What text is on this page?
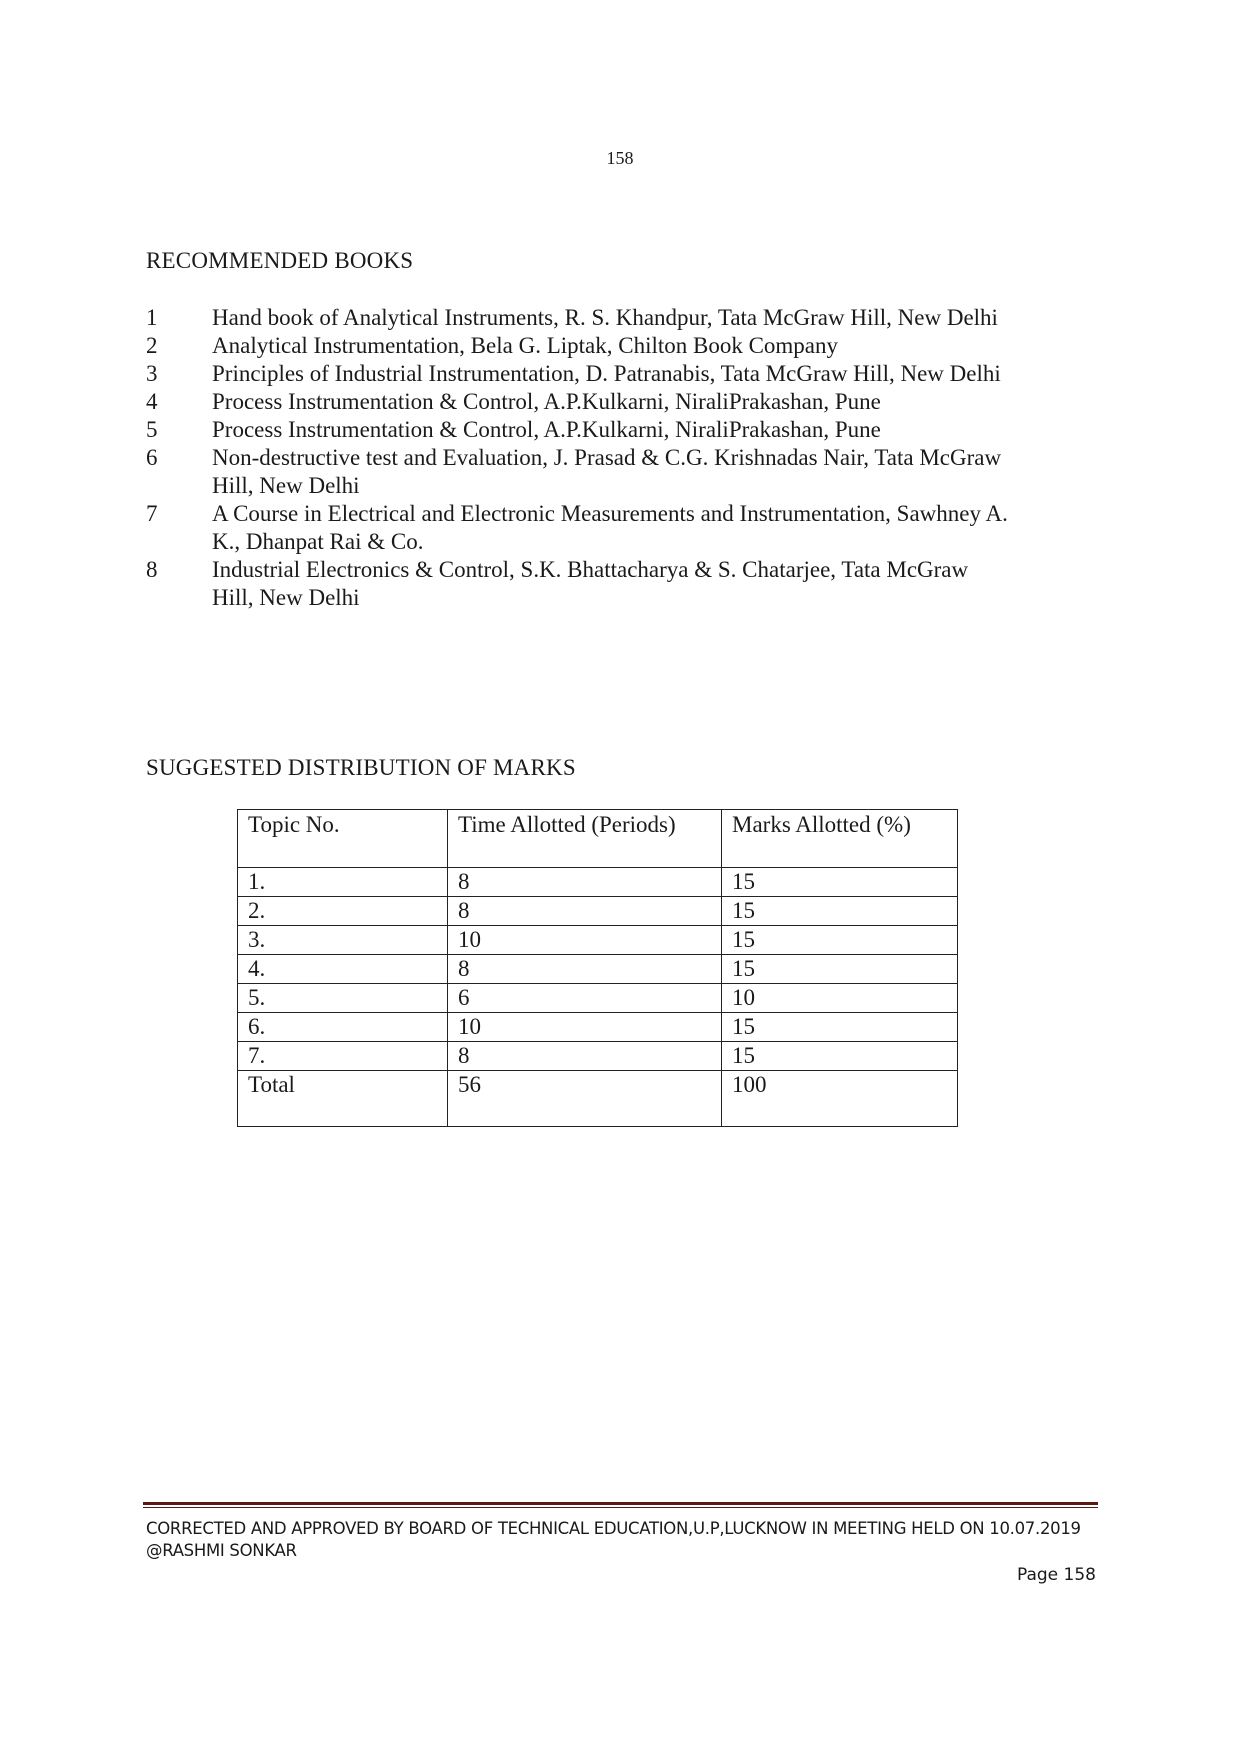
158
RECOMMENDED BOOKS
1	Hand book of Analytical Instruments, R. S. Khandpur, Tata McGraw Hill, New Delhi
2	Analytical Instrumentation, Bela G. Liptak, Chilton Book Company
3	Principles of Industrial Instrumentation, D. Patranabis, Tata McGraw Hill, New Delhi
4	Process Instrumentation & Control, A.P.Kulkarni, NiraliPrakashan, Pune
5	Process Instrumentation & Control, A.P.Kulkarni, NiraliPrakashan, Pune
6	Non-destructive test and Evaluation, J. Prasad & C.G. Krishnadas Nair, Tata McGraw Hill, New Delhi
7	A Course in Electrical and Electronic Measurements and Instrumentation, Sawhney A. K., Dhanpat Rai & Co.
8	Industrial Electronics & Control, S.K. Bhattacharya & S. Chatarjee, Tata McGraw Hill, New Delhi
SUGGESTED DISTRIBUTION OF MARKS
Topic No.	Time Allotted (Periods)	Marks Allotted (%)
1.	8	15
2.	8	15
3.	10	15
4.	8	15
5.	6	10
6.	10	15
7.	8	15
Total	56	100
CORRECTED AND APPROVED BY BOARD OF TECHNICAL EDUCATION,U.P,LUCKNOW IN MEETING HELD ON 10.07.2019 @RASHMI SONKAR
Page 158
